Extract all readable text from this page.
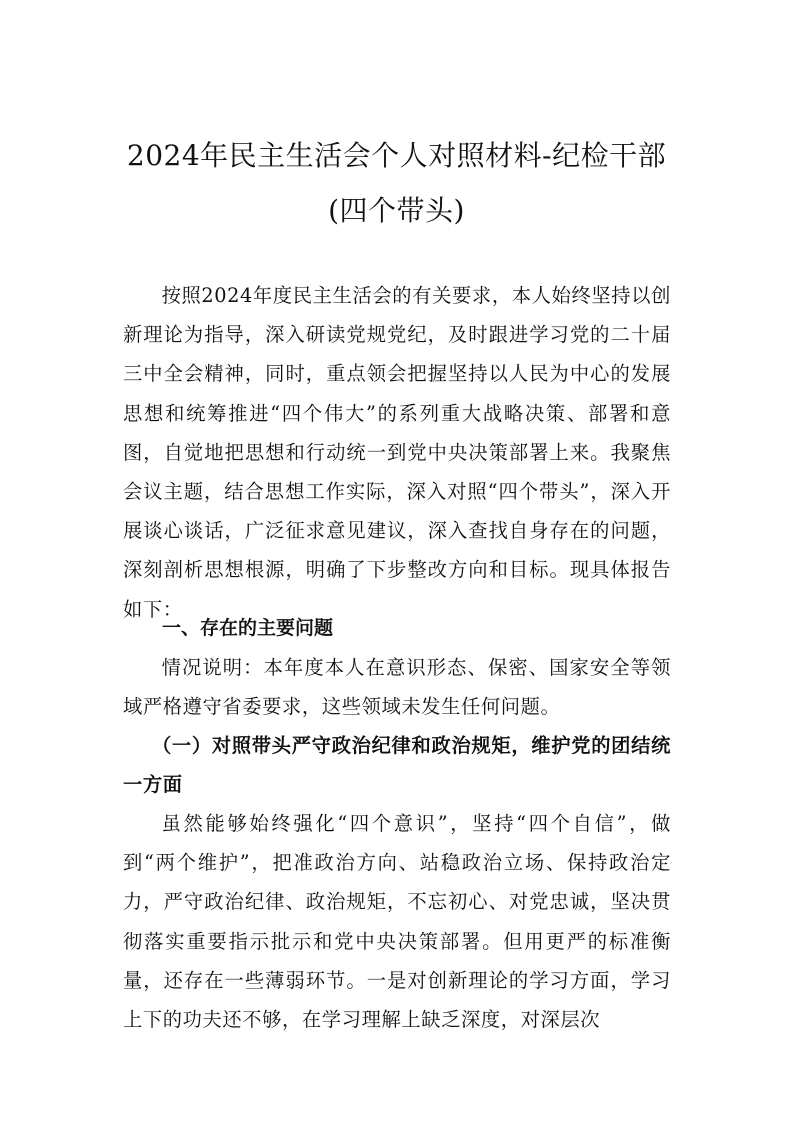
2024年民主生活会个人对照材料-纪检干部
(四个带头)

按照2024年度民主生活会的有关要求，本人始终坚持以创新理论为指导，深入研读党规党纪，及时跟进学习党的二十届三中全会精神，同时，重点领会把握坚持以人民为中心的发展思想和统筹推进“四个伟大”的系列重大战略决策、部署和意图，自觉地把思想和行动统一到党中央决策部署上来。我聚焦会议主题，结合思想工作实际，深入对照“四个带头”，深入开展谈心谈话，广泛征求意见建议，深入查找自身存在的问题，深刻剖析思想根源，明确了下步整改方向和目标。现具体报告如下：

一、存在的主要问题

情况说明：本年度本人在意识形态、保密、国家安全等领域严格遵守省委要求，这些领域未发生任何问题。

（一）对照带头严守政治纪律和政治规矩，维护党的团结统一方面

虽然能够始终强化“四个意识”，坚持“四个自信”，做到“两个维护”，把准政治方向、站稳政治立场、保持政治定力，严守政治纪律、政治规矩，不忘初心、对党忠诚，坚决贯彻落实重要指示批示和党中央决策部署。但用更严的标准衡量，还存在一些薄弱环节。一是对创新理论的学习方面，学习上下的功夫还不够，在学习理解上缺乏深度，对深层次
